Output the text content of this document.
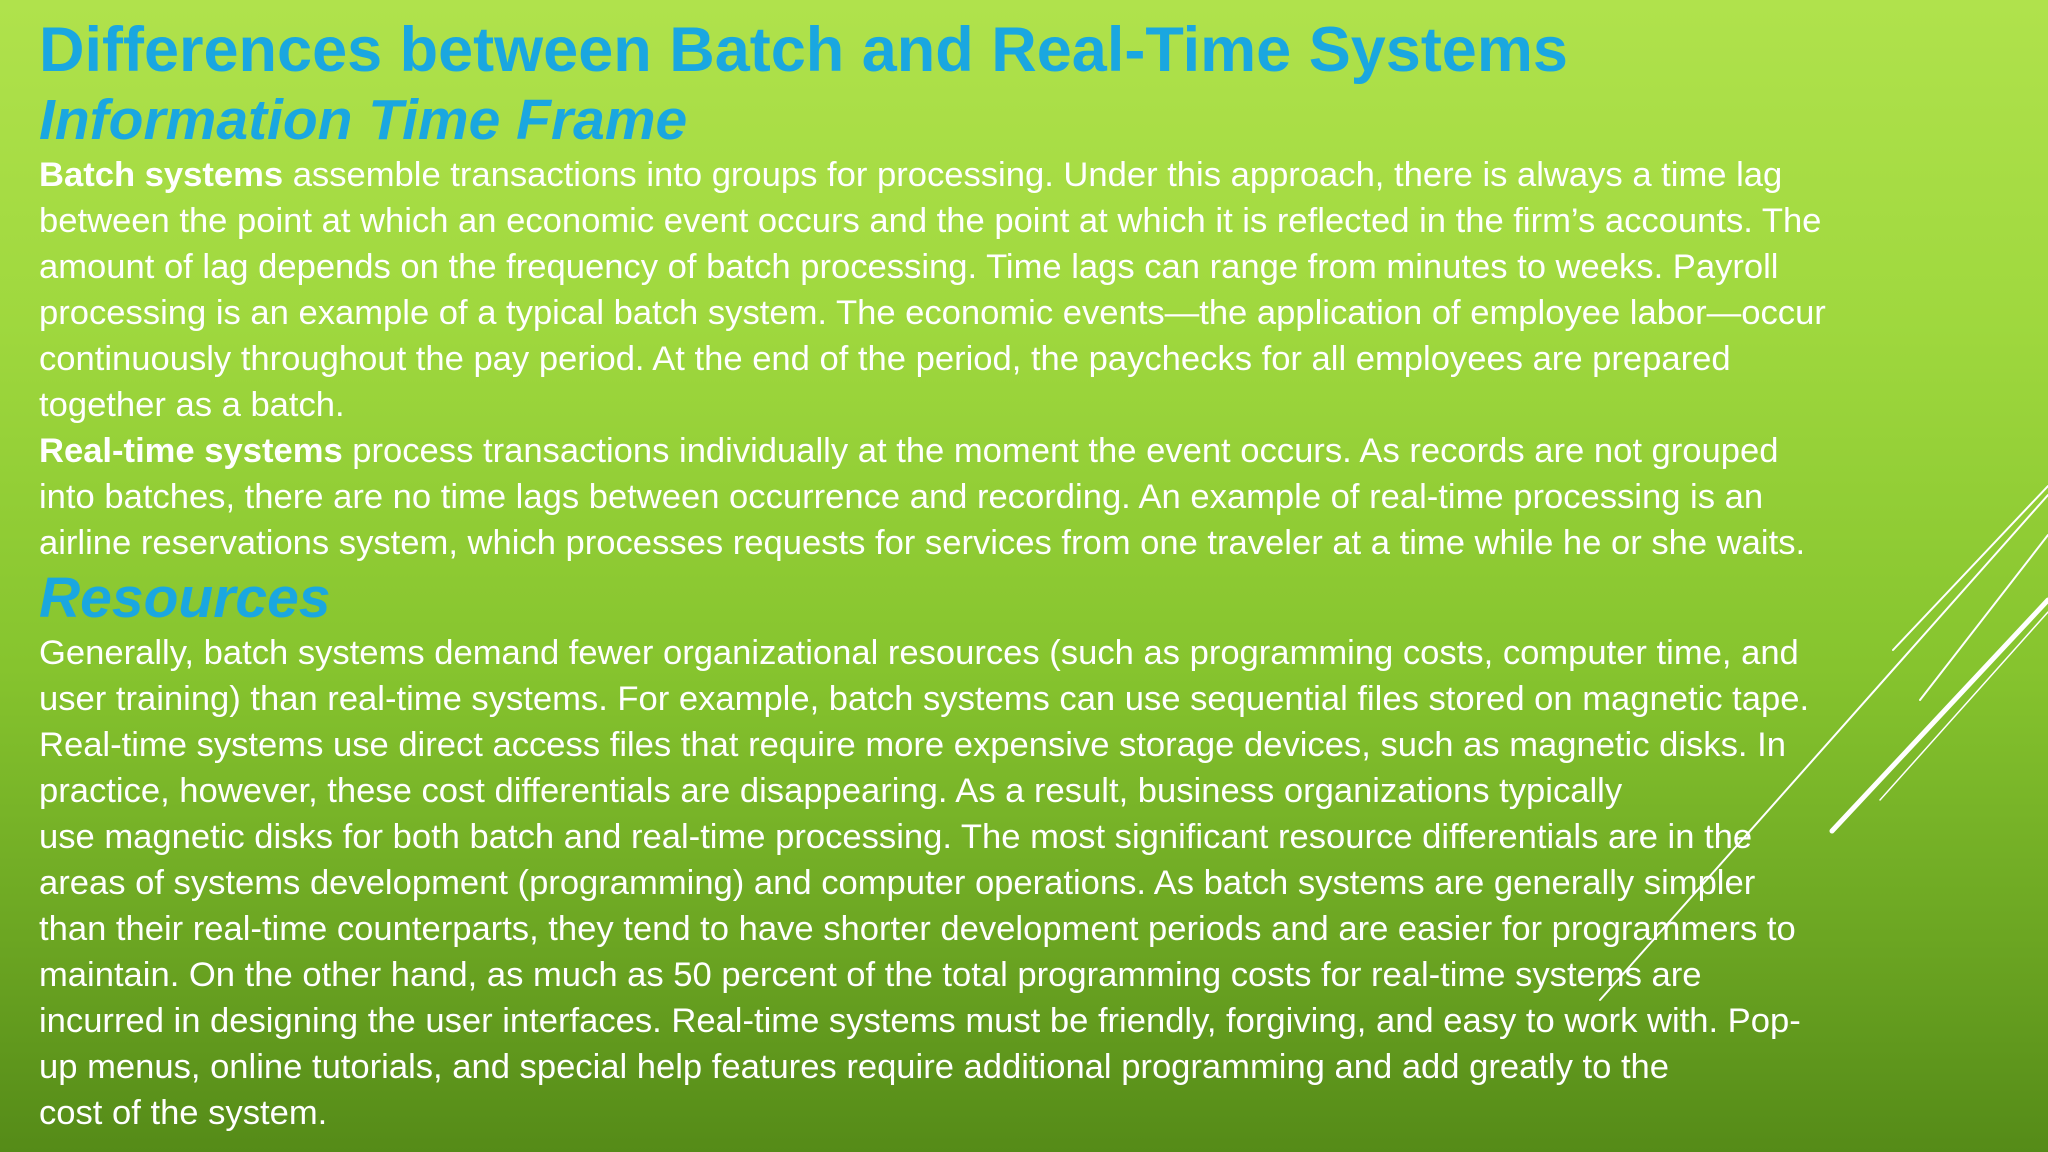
Differences between Batch and Real-Time Systems
Information Time Frame

Batch systems assemble transactions into groups for processing. Under this approach, there is always a time lag

between the point at which an economic event occurs and the point at which it is reflected in the firm’s accounts. The

amount of lag depends on the frequency of batch processing. Time lags can range from minutes to weeks. Payroll

processing is an example of a typical batch system. The economic events—the application of employee labor—occur

continuously throughout the pay period. At the end of the period, the paychecks for all employees are prepared

together as a batch.

Real-time systems process transactions individually at the moment the event occurs. As records are not grouped

into batches, there are no time lags between occurrence and recording. An example of real-time processing is an

airline reservations system, which processes requests for services from one traveler at a time while he or she waits.

Resources

Generally, batch systems demand fewer organizational resources (such as programming costs, computer time, and

user training) than real-time systems. For example, batch systems can use sequential files stored on magnetic tape.

Real-time systems use direct access files that require more expensive storage devices, such as magnetic disks. In

practice, however, these cost differentials are disappearing. As a result, business organizations typically

use magnetic disks for both batch and real-time processing. The most significant resource differentials are in the

areas of systems development (programming) and computer operations. As batch systems are generally simpler

than their real-time counterparts, they tend to have shorter development periods and are easier for programmers to

maintain. On the other hand, as much as 50 percent of the total programming costs for real-time systems are

incurred in designing the user interfaces. Real-time systems must be friendly, forgiving, and easy to work with. Pop-

up menus, online tutorials, and special help features require additional programming and add greatly to the

cost of the system.
